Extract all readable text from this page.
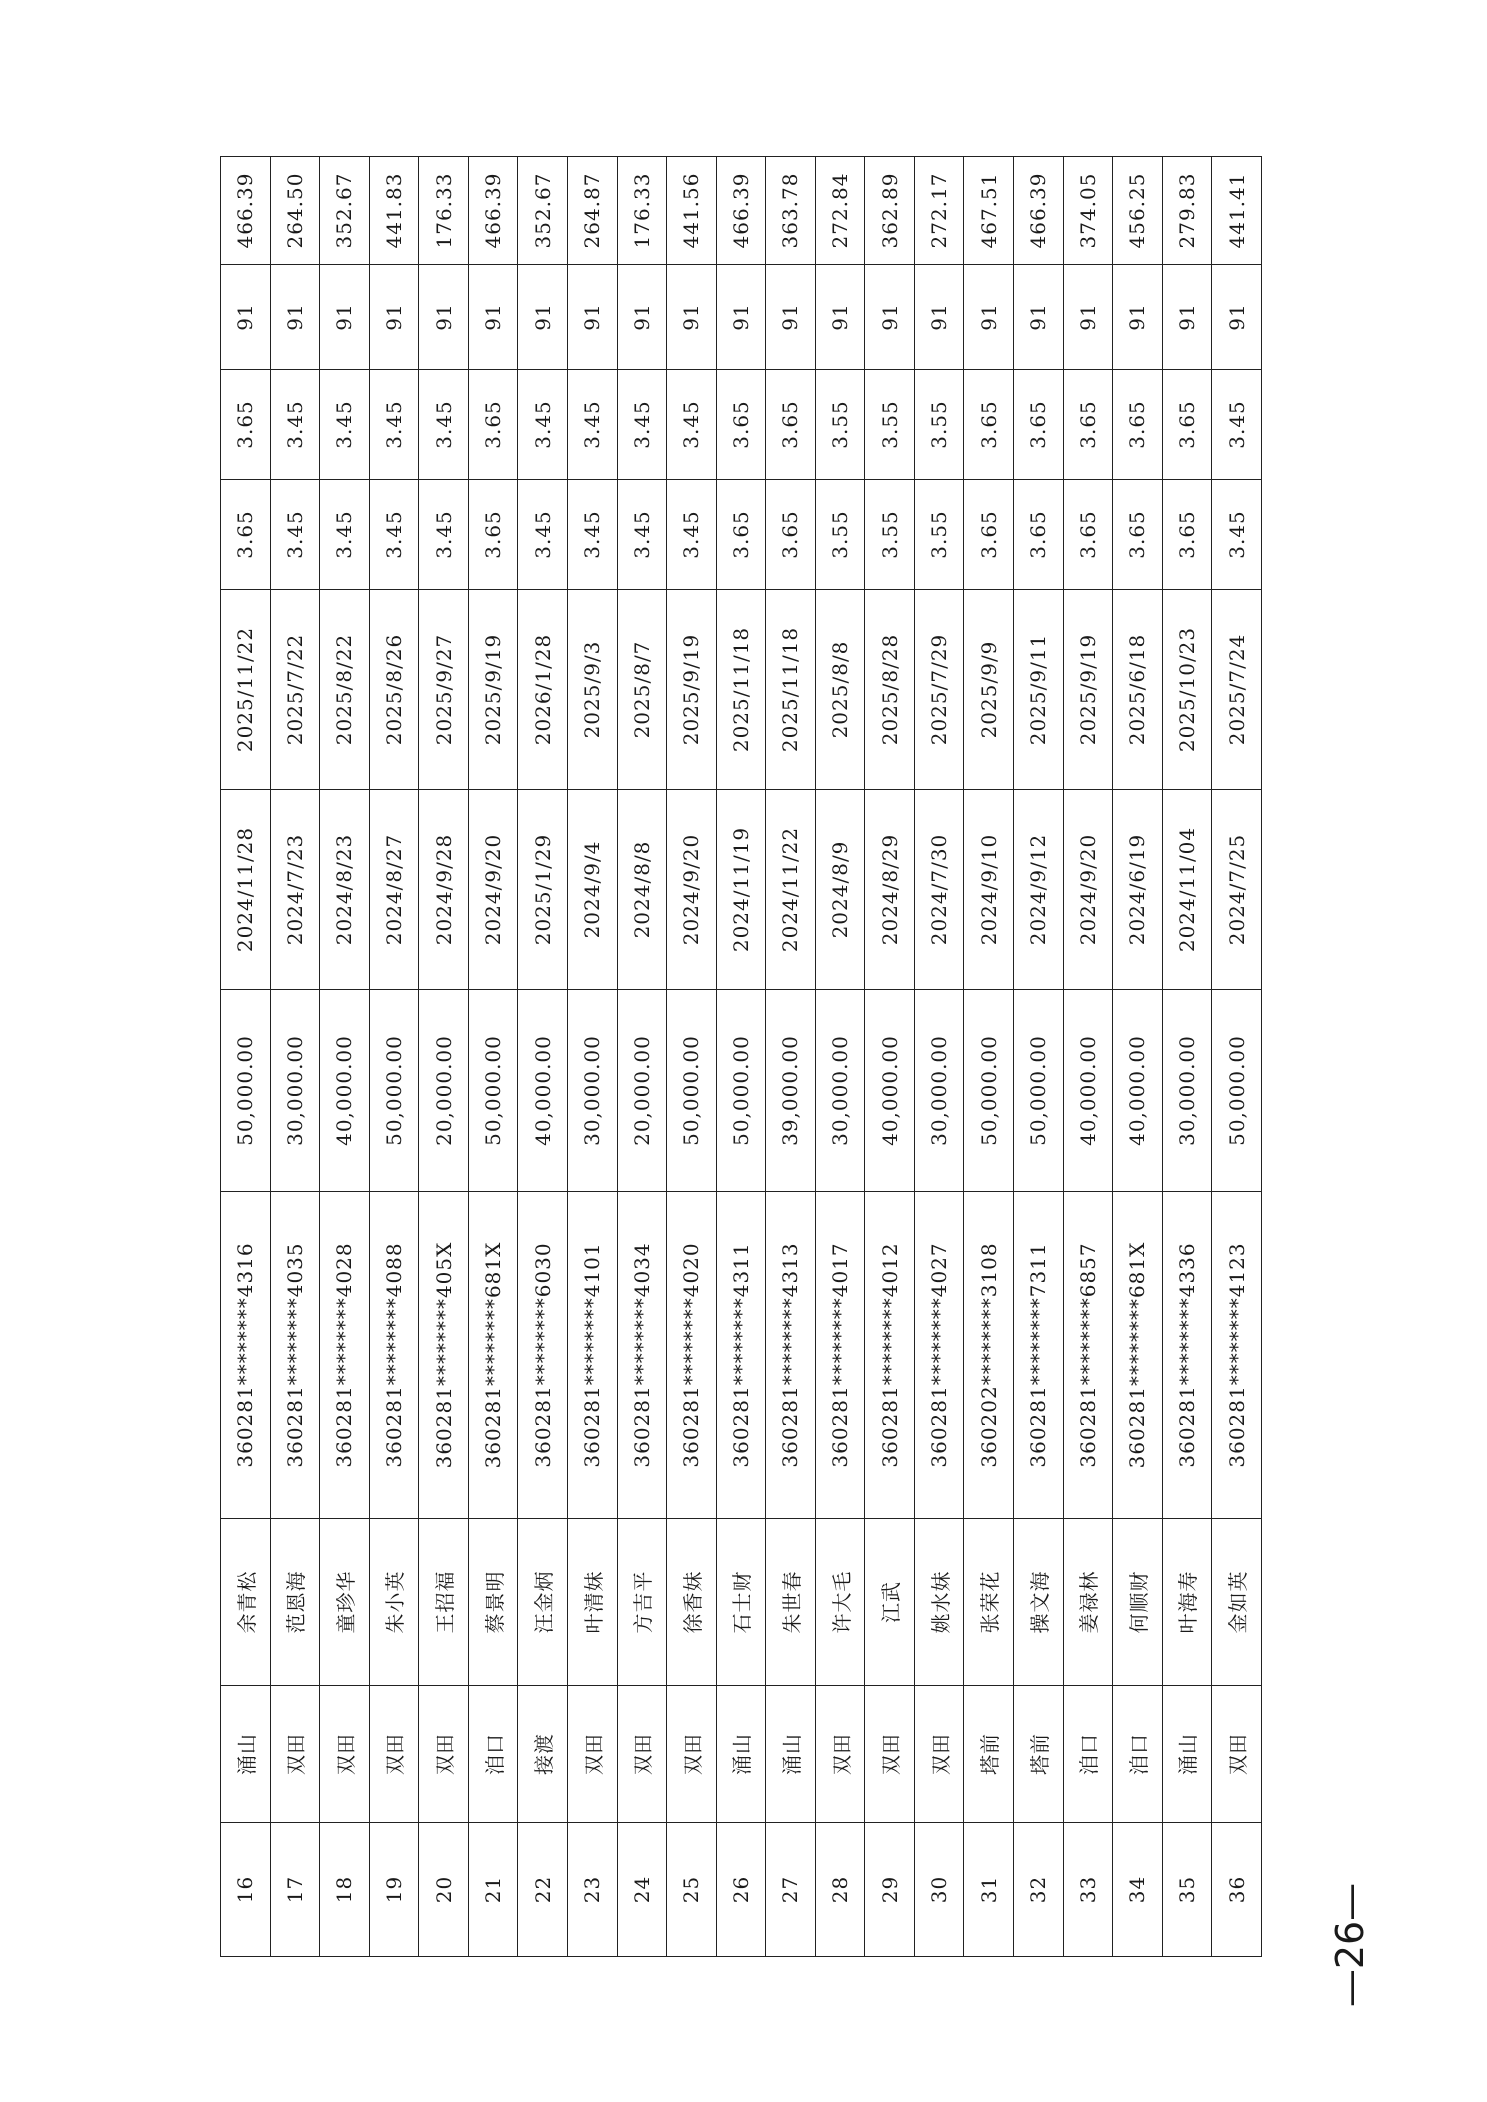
16	涌山	余青松	360281********4316	50,000.00	2024/11/28	2025/11/22	3.65	3.65	91	466.39
17	双田	范恩海	360281********4035	30,000.00	2024/7/23	2025/7/22	3.45	3.45	91	264.50
18	双田	童珍华	360281********4028	40,000.00	2024/8/23	2025/8/22	3.45	3.45	91	352.67
19	双田	朱小英	360281********4088	50,000.00	2024/8/27	2025/8/26	3.45	3.45	91	441.83
20	双田	王招福	360281********405X	20,000.00	2024/9/28	2025/9/27	3.45	3.45	91	176.33
21	洎口	蔡景明	360281********681X	50,000.00	2024/9/20	2025/9/19	3.65	3.65	91	466.39
22	接渡	汪金炳	360281********6030	40,000.00	2025/1/29	2026/1/28	3.45	3.45	91	352.67
23	双田	叶清妹	360281********4101	30,000.00	2024/9/4	2025/9/3	3.45	3.45	91	264.87
24	双田	方吉平	360281********4034	20,000.00	2024/8/8	2025/8/7	3.45	3.45	91	176.33
25	双田	徐香妹	360281********4020	50,000.00	2024/9/20	2025/9/19	3.45	3.45	91	441.56
26	涌山	石士财	360281********4311	50,000.00	2024/11/19	2025/11/18	3.65	3.65	91	466.39
27	涌山	朱世春	360281********4313	39,000.00	2024/11/22	2025/11/18	3.65	3.65	91	363.78
28	双田	许大毛	360281********4017	30,000.00	2024/8/9	2025/8/8	3.55	3.55	91	272.84
29	双田	江武	360281********4012	40,000.00	2024/8/29	2025/8/28	3.55	3.55	91	362.89
30	双田	姚水妹	360281********4027	30,000.00	2024/7/30	2025/7/29	3.55	3.55	91	272.17
31	塔前	张荣花	360202********3108	50,000.00	2024/9/10	2025/9/9	3.65	3.65	91	467.51
32	塔前	操文海	360281********7311	50,000.00	2024/9/12	2025/9/11	3.65	3.65	91	466.39
33	洎口	姜禄林	360281********6857	40,000.00	2024/9/20	2025/9/19	3.65	3.65	91	374.05
34	洎口	何顺财	360281********681X	40,000.00	2024/6/19	2025/6/18	3.65	3.65	91	456.25
35	涌山	叶海寿	360281********4336	30,000.00	2024/11/04	2025/10/23	3.65	3.65	91	279.83
36	双田	金如英	360281********4123	50,000.00	2024/7/25	2025/7/24	3.45	3.45	91	441.41
—26—
